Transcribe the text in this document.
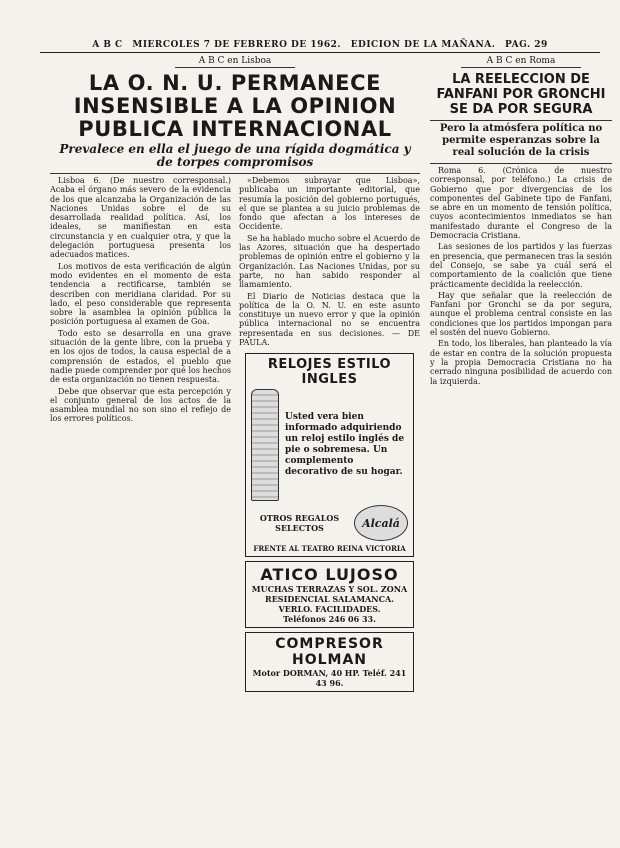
A B C MIERCOLES 7 DE FEBRERO DE 1962. EDICION DE LA MAÑANA. PAG. 29
A B C en Lisboa
LA O. N. U. PERMANECE INSENSIBLE A LA OPINION PUBLICA INTERNACIONAL
Prevalece en ella el juego de una rígida dogmática y de torpes compromisos

Lisboa 6. (De nuestro corresponsal.) Acaba el órgano más severo de la evidencia de los que alcanzaba la Organización de las Naciones Unidas sobre el de su desarrollada realidad política. Así, los ideales, se manifiestan en esta circunstancia y en cualquier otra, y que la delegación portuguesa presenta los adecuados matices.

Los motivos de esta verificación de algún modo evidentes en el momento de esta tendencia a rectificarse, también se describen con meridiana claridad. Por su lado, el peso considerable que representa sobre la asamblea la opinión pública la posición portuguesa al examen de Goa.

Todo esto se desarrolla en una grave situación de la gente libre, con la prueba y en los ojos de todos, la causa especial de a comprensión de estados, el pueblo que nadie puede comprender por qué los hechos de esta organización no tienen respuesta.

Debe que observar que esta percepción y el conjunto general de los actos de la asamblea mundial no son sino el reflejo de los errores políticos.

«Debemos subrayar que Lisboa», publicaba un importante editorial, que resumía la posición del gobierno portugués, el que se plantea a su juicio problemas de fondo que afectan a los intereses de Occidente.

Se ha hablado mucho sobre el Acuerdo de las Azores, situación que ha despertado problemas de opinión entre el gobierno y la Organización. Las Naciones Unidas, por su parte, no han sabido responder al llamamiento.

El Diario de Noticias destaca que la política de la O. N. U. en este asunto constituye un nuevo error y que la opinión pública internacional no se encuentra representada en sus decisiones. — DE PAULA.

RELOJES ESTILO INGLES
Usted vera bien informado adquiriendo un reloj estilo inglés de pie o sobremesa. Un complemento decorativo de su hogar.
OTROS REGALOS SELECTOS	Alcalá
FRENTE AL TEATRO REINA VICTORIA
ATICO LUJOSO
MUCHAS TERRAZAS Y SOL. ZONA RESIDENCIAL SALAMANCA. VERLO. FACILIDADES.
Teléfonos 246 06 33.
COMPRESOR HOLMAN
Motor DORMAN, 40 HP. Teléf. 241 43 96.
A B C en Roma
LA REELECCION DE FANFANI POR GRONCHI SE DA POR SEGURA
Pero la atmósfera política no permite esperanzas sobre la real solución de la crisis

Roma 6. (Crónica de nuestro corresponsal, por teléfono.) La crisis de Gobierno que por divergencias de los componentes del Gabinete tipo de Fanfani, se abre en un momento de tensión política, cuyos acontecimientos inmediatos se han manifestado durante el Congreso de la Democracia Cristiana.

Las sesiones de los partidos y las fuerzas en presencia, que permanecen tras la sesión del Consejo, se sabe ya cuál será el comportamiento de la coalición que tiene prácticamente decidida la reelección.

Hay que señalar que la reelección de Fanfani por Gronchi se da por segura, aunque el problema central consiste en las condiciones que los partidos impongan para el sostén del nuevo Gobierno.

En todo, los liberales, han planteado la vía de estar en contra de la solución propuesta y la propia Democracia Cristiana no ha cerrado ninguna posibilidad de acuerdo con la izquierda.
